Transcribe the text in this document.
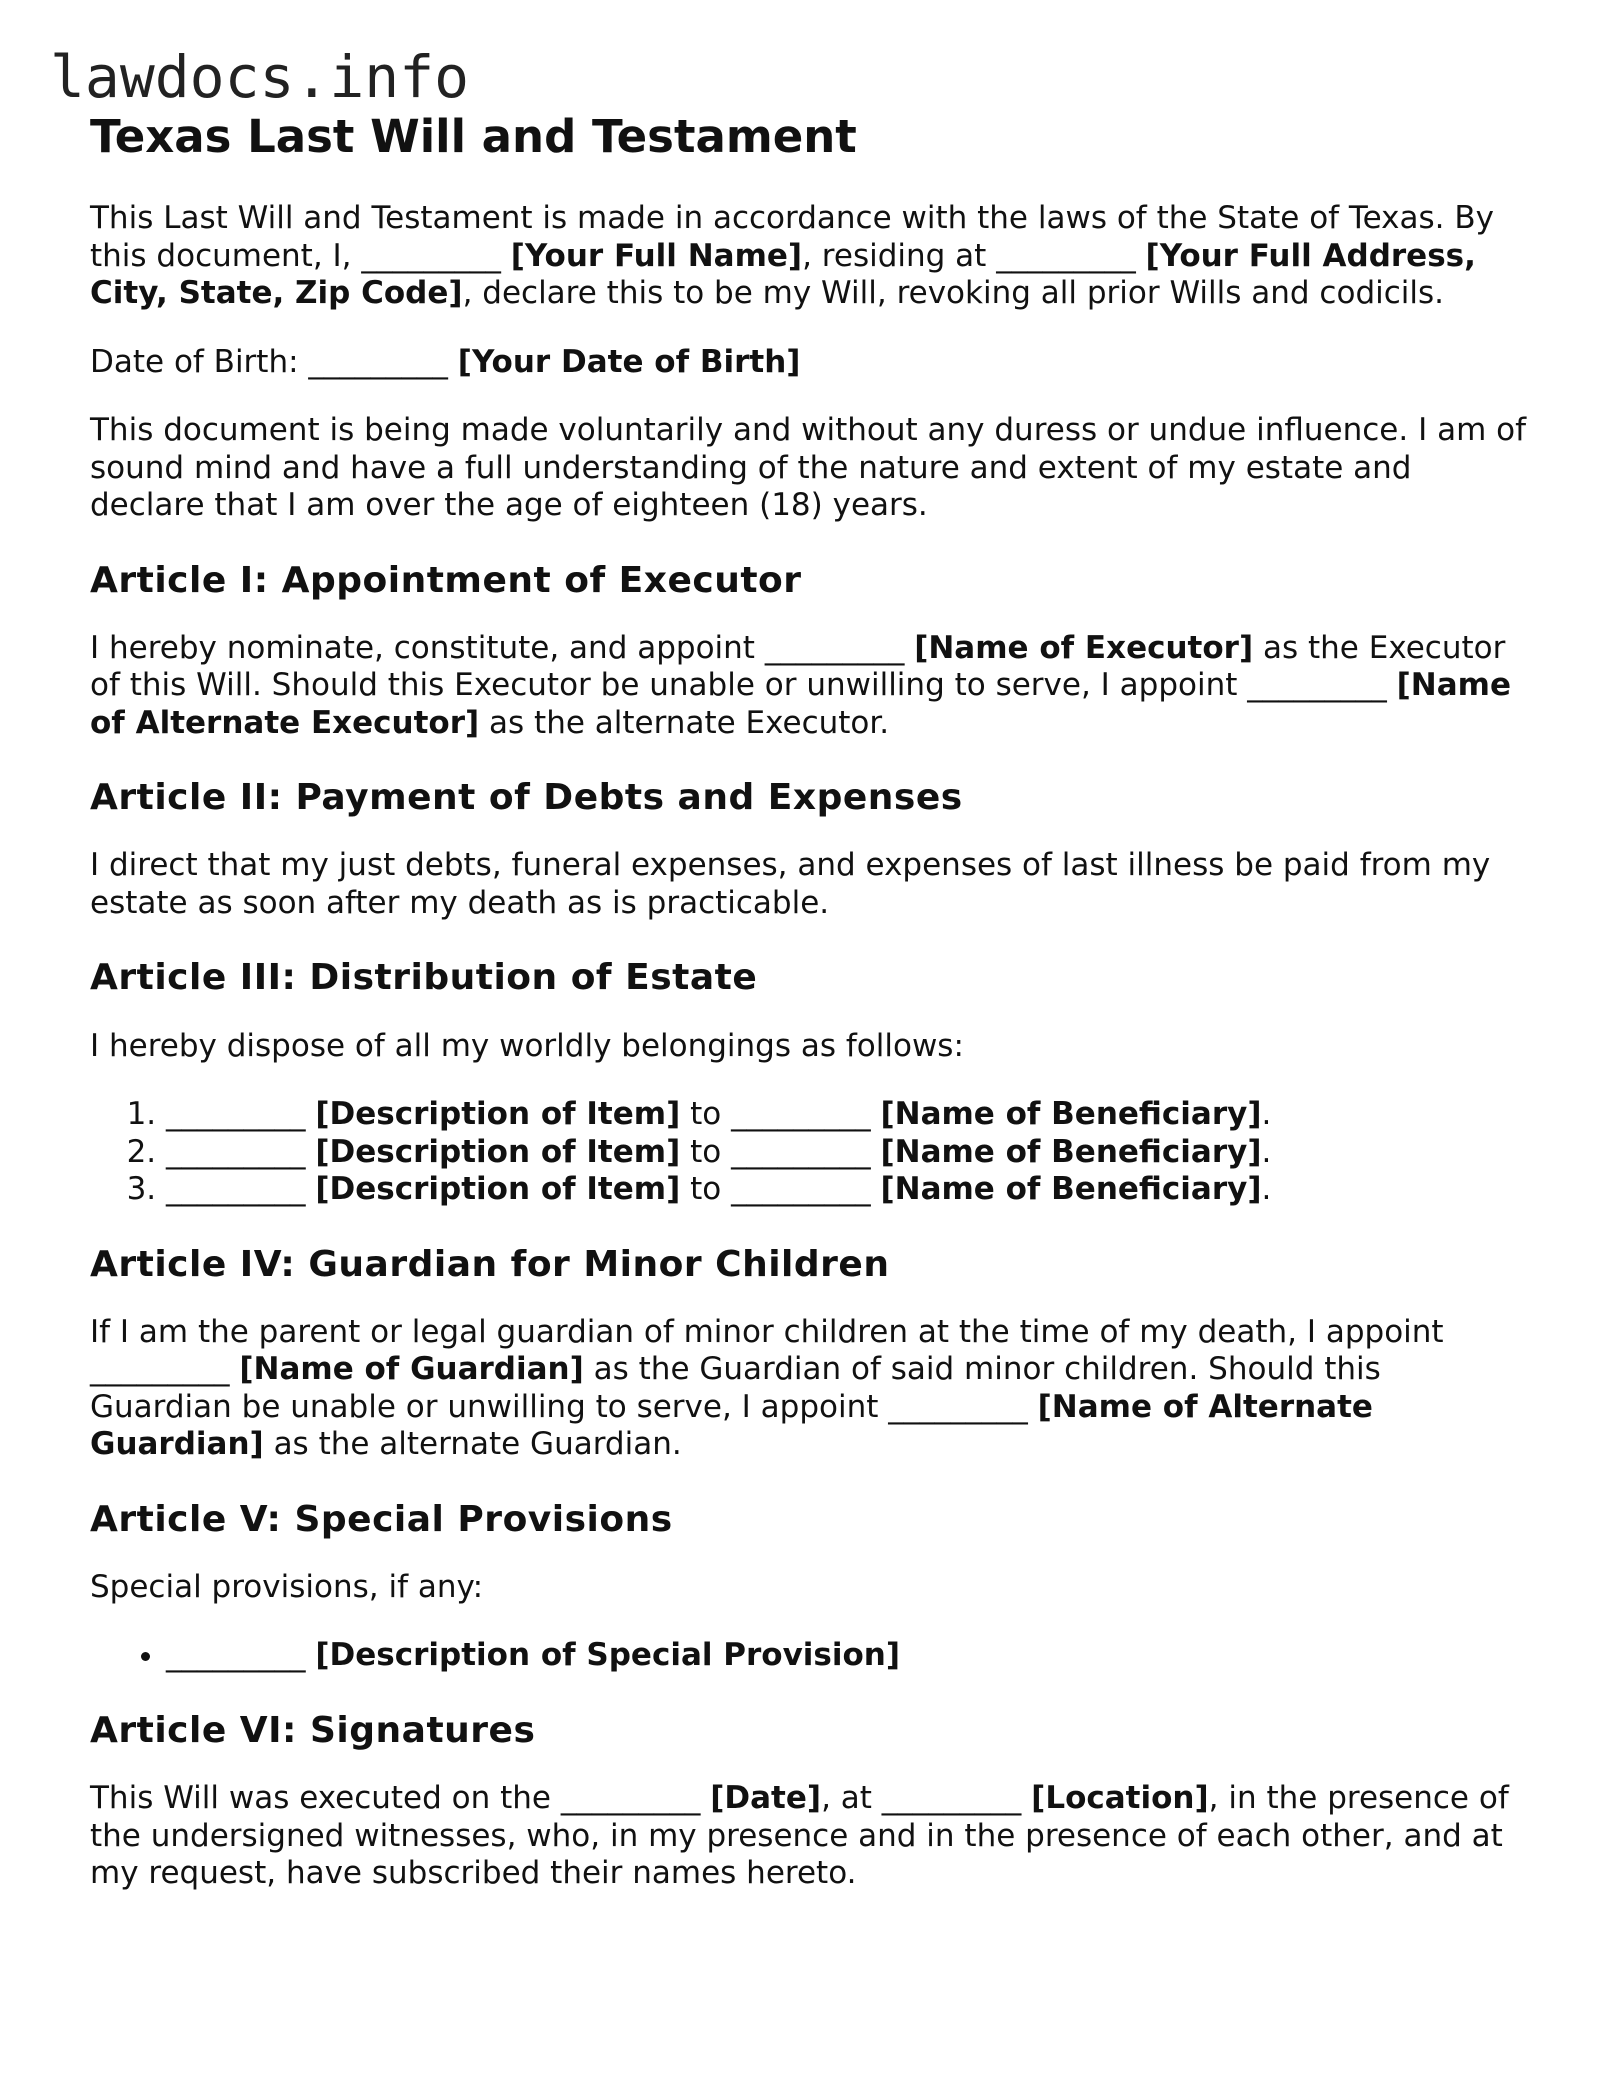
lawdocs.info
Texas Last Will and Testament

This Last Will and Testament is made in accordance with the laws of the State of Texas. By this document, I, _________ [Your Full Name], residing at _________ [Your Full Address, City, State, Zip Code], declare this to be my Will, revoking all prior Wills and codicils.

Date of Birth: _________ [Your Date of Birth]

This document is being made voluntarily and without any duress or undue influence. I am of sound mind and have a full understanding of the nature and extent of my estate and declare that I am over the age of eighteen (18) years.

Article I: Appointment of Executor

I hereby nominate, constitute, and appoint _________ [Name of Executor] as the Executor of this Will. Should this Executor be unable or unwilling to serve, I appoint _________ [Name of Alternate Executor] as the alternate Executor.

Article II: Payment of Debts and Expenses

I direct that my just debts, funeral expenses, and expenses of last illness be paid from my estate as soon after my death as is practicable.

Article III: Distribution of Estate

I hereby dispose of all my worldly belongings as follows:

1. _________ [Description of Item] to _________ [Name of Beneficiary].
2. _________ [Description of Item] to _________ [Name of Beneficiary].
3. _________ [Description of Item] to _________ [Name of Beneficiary].
Article IV: Guardian for Minor Children

If I am the parent or legal guardian of minor children at the time of my death, I appoint _________ [Name of Guardian] as the Guardian of said minor children. Should this Guardian be unable or unwilling to serve, I appoint _________ [Name of Alternate Guardian] as the alternate Guardian.

Article V: Special Provisions

Special provisions, if any:

• _________ [Description of Special Provision]
Article VI: Signatures

This Will was executed on the _________ [Date], at _________ [Location], in the presence of the undersigned witnesses, who, in my presence and in the presence of each other, and at my request, have subscribed their names hereto.
